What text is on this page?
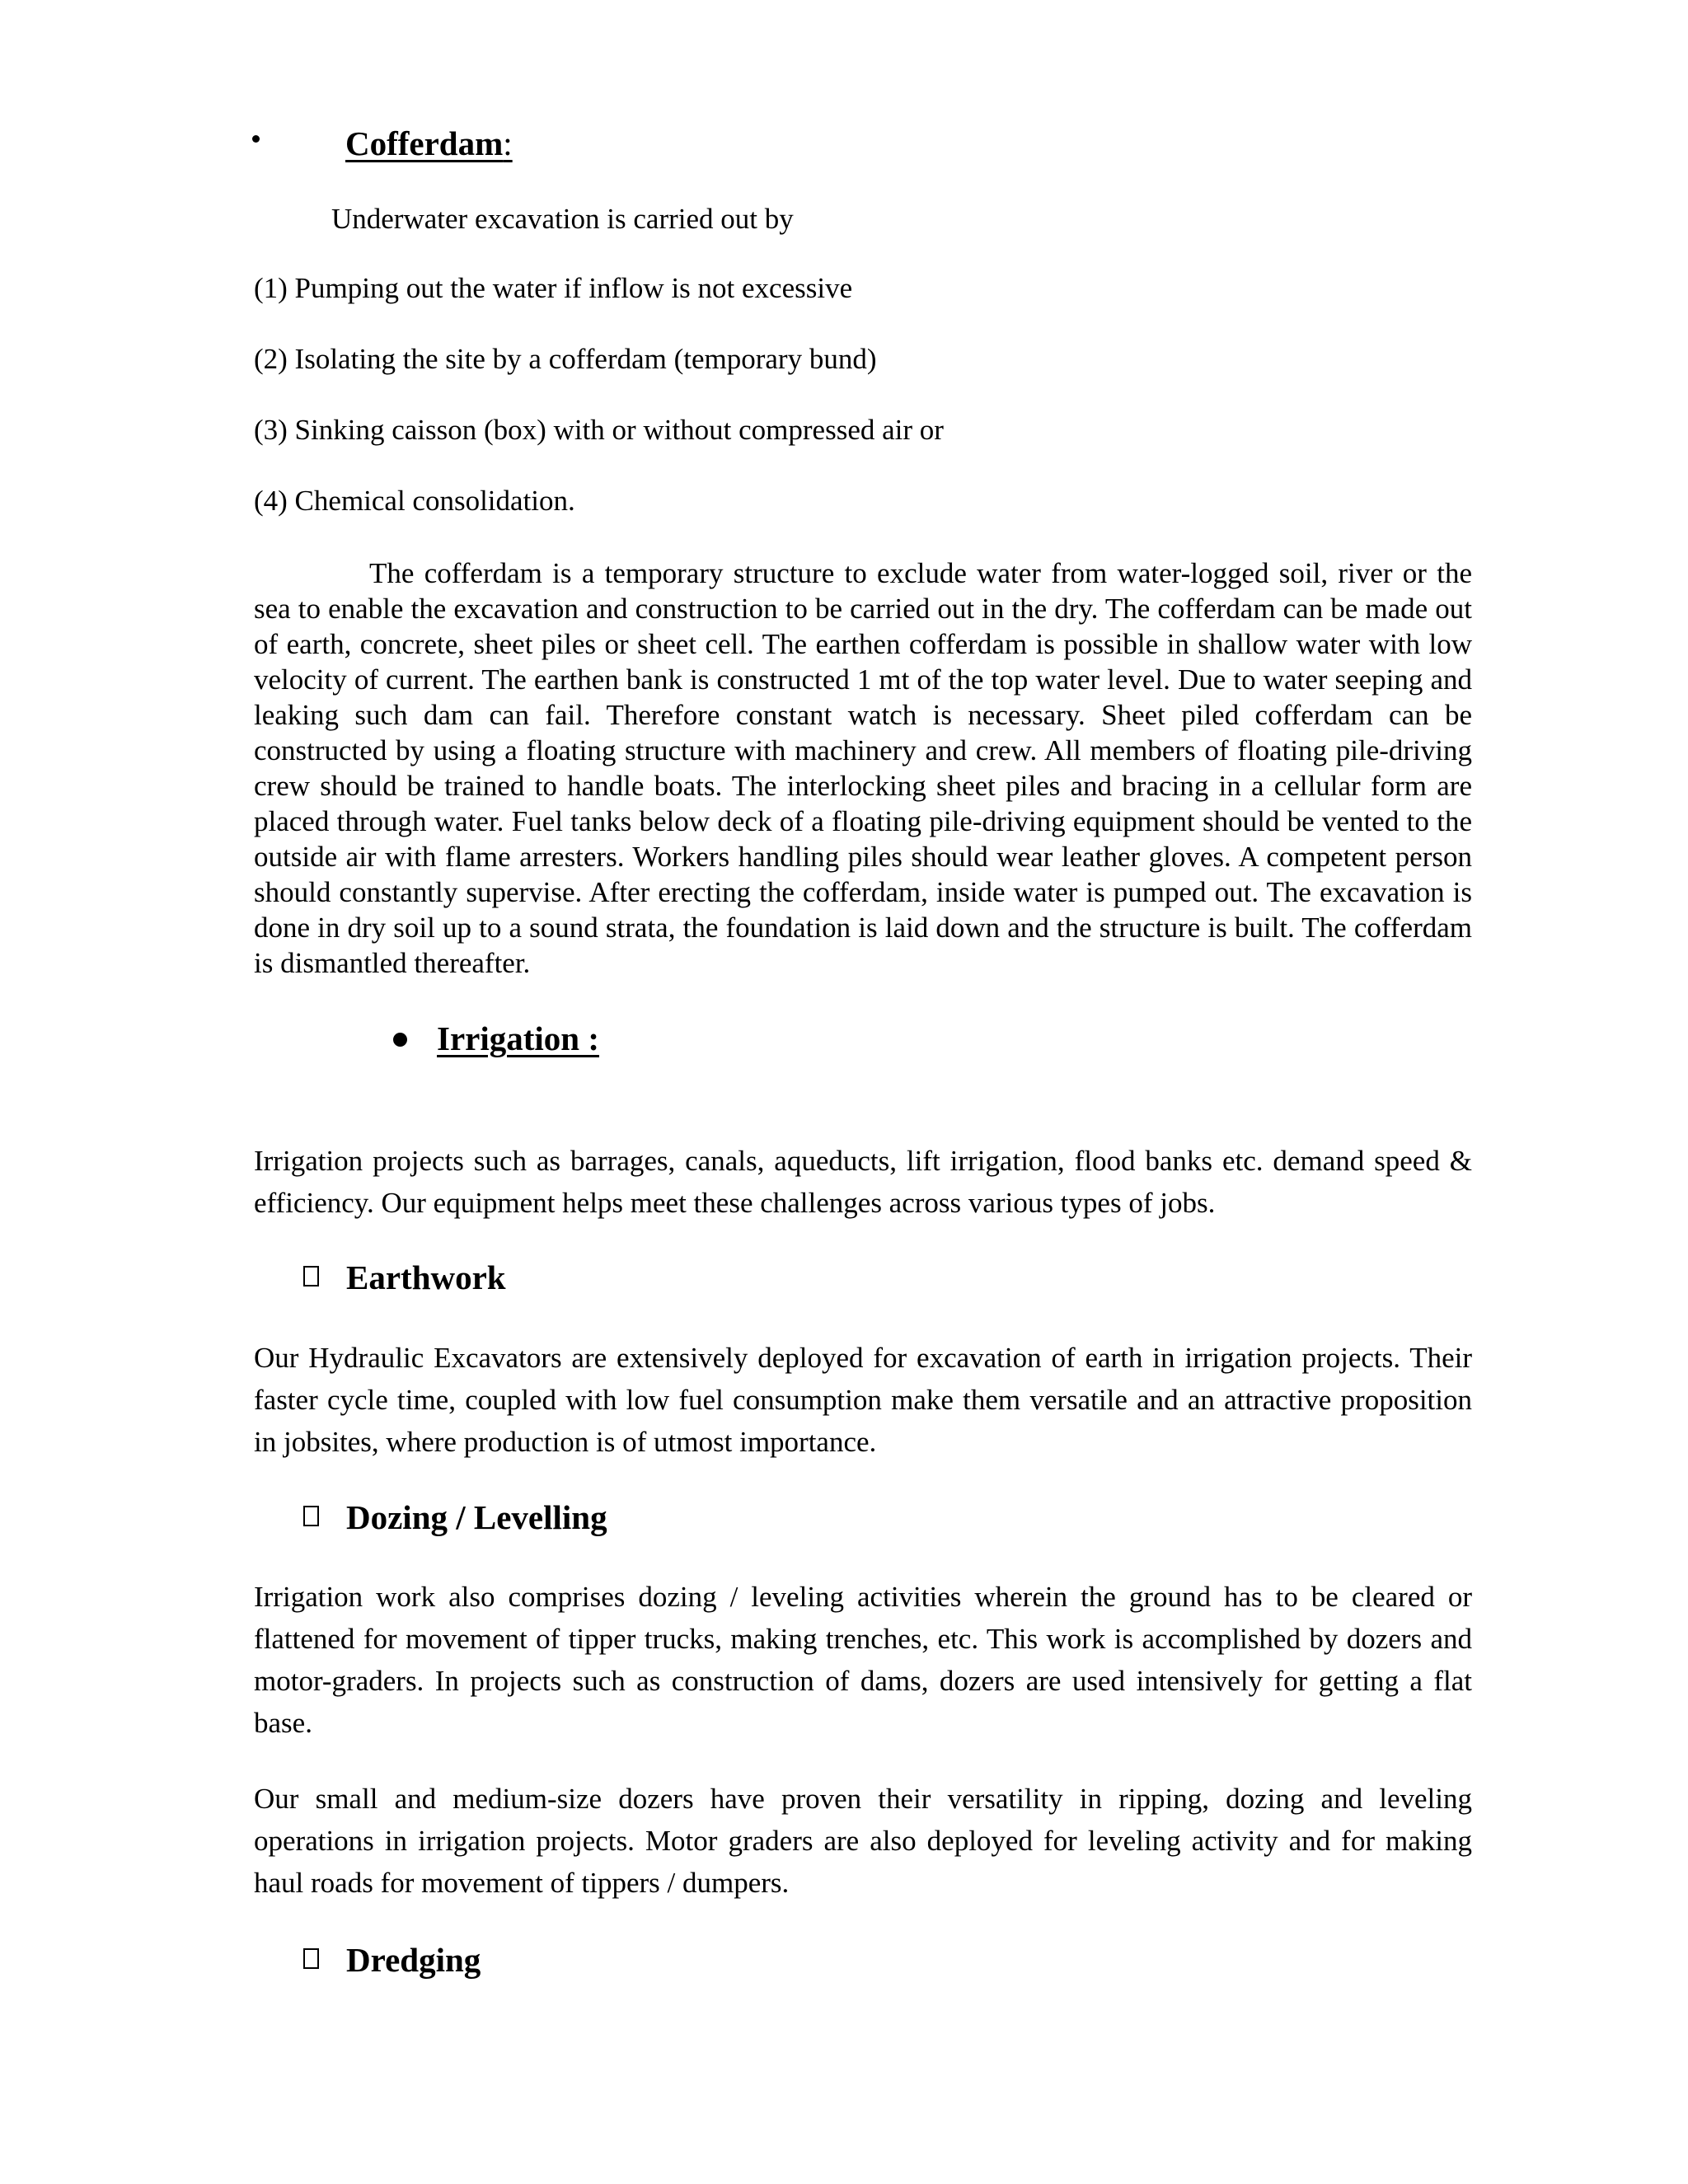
Cofferdam:
Underwater excavation is carried out by
(1) Pumping out the water if inflow is not excessive
(2) Isolating the site by a cofferdam (temporary bund)
(3) Sinking caisson (box) with or without compressed air or
(4) Chemical consolidation.
The cofferdam is a temporary structure to exclude water from water-logged soil, river or the sea to enable the excavation and construction to be carried out in the dry. The cofferdam can be made out of earth, concrete, sheet piles or sheet cell. The earthen cofferdam is possible in shallow water with low velocity of current. The earthen bank is constructed 1 mt of the top water level. Due to water seeping and leaking such dam can fail. Therefore constant watch is necessary. Sheet piled cofferdam can be constructed by using a floating structure with machinery and crew. All members of floating pile-driving crew should be trained to handle boats. The interlocking sheet piles and bracing in a cellular form are placed through water. Fuel tanks below deck of a floating pile-driving equipment should be vented to the outside air with flame arresters. Workers handling piles should wear leather gloves. A competent person should constantly supervise. After erecting the cofferdam, inside water is pumped out. The excavation is done in dry soil up to a sound strata, the foundation is laid down and the structure is built. The cofferdam is dismantled thereafter.
Irrigation :
Irrigation projects such as barrages, canals, aqueducts, lift irrigation, flood banks etc. demand speed & efficiency. Our equipment helps meet these challenges across various types of jobs.
Earthwork
Our Hydraulic Excavators are extensively deployed for excavation of earth in irrigation projects. Their faster cycle time, coupled with low fuel consumption make them versatile and an attractive proposition in jobsites, where production is of utmost importance.
Dozing / Levelling
Irrigation work also comprises dozing / leveling activities wherein the ground has to be cleared or flattened for movement of tipper trucks, making trenches, etc. This work is accomplished by dozers and motor-graders. In projects such as construction of dams, dozers are used intensively for getting a flat base.
Our small and medium-size dozers have proven their versatility in ripping, dozing and leveling operations in irrigation projects. Motor graders are also deployed for leveling activity and for making haul roads for movement of tippers / dumpers.
Dredging
